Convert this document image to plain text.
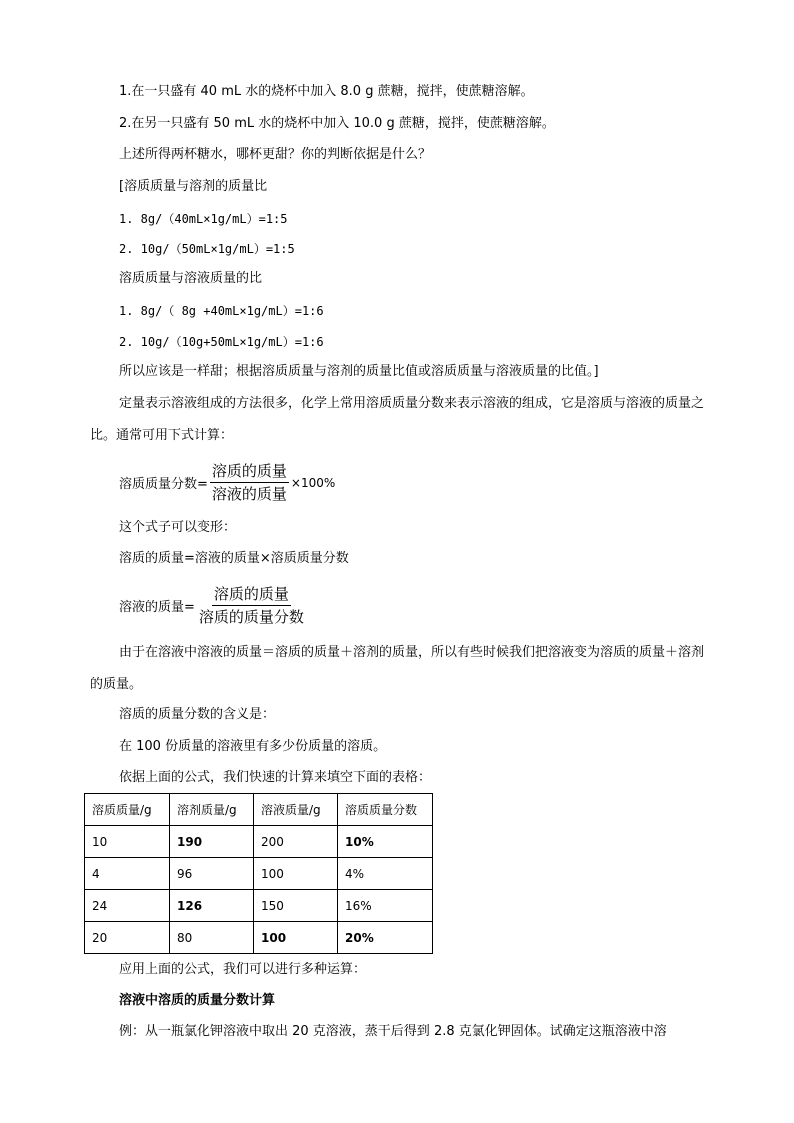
1.在一只盛有 40 mL 水的烧杯中加入 8.0 g 蔗糖，搅拌，使蔗糖溶解。
2.在另一只盛有 50 mL 水的烧杯中加入 10.0 g 蔗糖，搅拌，使蔗糖溶解。
上述所得两杯糖水，哪杯更甜？你的判断依据是什么？
[溶质质量与溶剂的质量比
1. 8g/（40mL×1g/mL）=1:5
2. 10g/（50mL×1g/mL）=1:5
溶质质量与溶液质量的比
1. 8g/（ 8g +40mL×1g/mL）=1:6
2. 10g/（10g+50mL×1g/mL）=1:6
所以应该是一样甜；根据溶质质量与溶剂的质量比值或溶质质量与溶液质量的比值。]
定量表示溶液组成的方法很多，化学上常用溶质质量分数来表示溶液的组成，它是溶质与溶液的质量之比。通常可用下式计算：
溶质质量分数= $\frac{\text{溶质的质量}}{\text{溶液的质量}} \times 100\%$
这个式子可以变形：
溶质的质量=溶液的质量×溶质质量分数
溶液的质量= $\frac{\text{溶质的质量}}{\text{溶质的质量分数}}$
由于在溶液中溶液的质量＝溶质的质量＋溶剂的质量，所以有些时候我们把溶液变为溶质的质量＋溶剂的质量。
溶质的质量分数的含义是：
在 100 份质量的溶液里有多少份质量的溶质。
依据上面的公式，我们快速的计算来填空下面的表格：
溶质质量/g	溶剂质量/g	溶液质量/g	溶质质量分数
10	190	200	10%
4	96	100	4%
24	126	150	16%
20	80	100	20%
应用上面的公式，我们可以进行多种运算：
溶液中溶质的质量分数计算
例：从一瓶氯化钾溶液中取出 20 克溶液，蒸干后得到 2.8 克氯化钾固体。试确定这瓶溶液中溶
